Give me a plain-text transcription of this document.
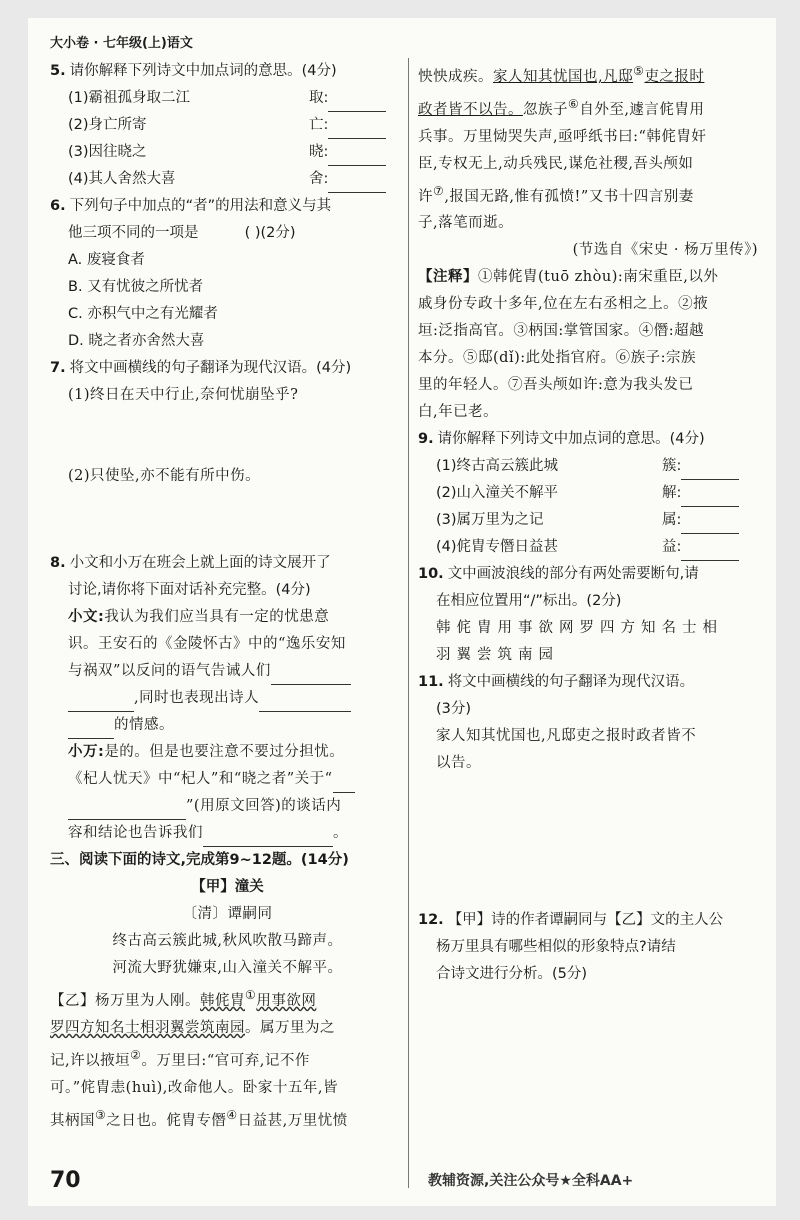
大小卷 · 七年级(上)语文
5. 请你解释下列诗文中加点词的意思。(4分)
(1)霸祖孤身取二江	取:
(2)身亡所寄	亡:
(3)因往晓之	晓:
(4)其人舍然大喜	舍:
6. 下列句子中加点的“者”的用法和意义与其
他三项不同的一项是	( )(2分)
A. 废寝食者
B. 又有忧彼之所忧者
C. 亦积气中之有光耀者
D. 晓之者亦舍然大喜
7. 将文中画横线的句子翻译为现代汉语。(4分)
(1)终日在天中行止,奈何忧崩坠乎?
(2)只使坠,亦不能有所中伤。
8. 小文和小万在班会上就上面的诗文展开了
讨论,请你将下面对话补充完整。(4分)
小文:我认为我们应当具有一定的忧患意
识。王安石的《金陵怀古》中的“逸乐安知
与祸双”以反问的语气告诫人们
,同时也表现出诗人
的情感。
小万:是的。但是也要注意不要过分担忧。
《杞人忧天》中“杞人”和“晓之者”关于“
”(用原文回答)的谈话内
容和结论也告诉我们	。
三、阅读下面的诗文,完成第9~12题。(14分)
【甲】潼关
〔清〕谭嗣同
终古高云簇此城,秋风吹散马蹄声。
河流大野犹嫌束,山入潼关不解平。
【乙】杨万里为人刚。韩侂胄①用事欲网
罗四方知名士相羽翼尝筑南园。属万里为之
记,许以掖垣②。万里曰:“官可弃,记不作
可。”侂胄恚(huì),改命他人。卧家十五年,皆
其柄国③之日也。侂胄专僭④日益甚,万里忧愤
怏怏成疾。家人知其忧国也,凡邸⑤吏之报时
政者皆不以告。忽族子⑥自外至,遽言侂胄用
兵事。万里恸哭失声,亟呼纸书曰:“韩侂胄奸
臣,专权无上,动兵残民,谋危社稷,吾头颅如
许⑦,报国无路,惟有孤愤!”又书十四言别妻
子,落笔而逝。
(节选自《宋史 · 杨万里传》)
【注释】①韩侂胄(tuō zhòu):南宋重臣,以外
戚身份专政十多年,位在左右丞相之上。②掖
垣:泛指高官。③柄国:掌管国家。④僭:超越
本分。⑤邸(dǐ):此处指官府。⑥族子:宗族
里的年轻人。⑦吾头颅如许:意为我头发已
白,年已老。
9. 请你解释下列诗文中加点词的意思。(4分)
(1)终古高云簇此城	簇:
(2)山入潼关不解平	解:
(3)属万里为之记	属:
(4)侂胄专僭日益甚	益:
10. 文中画波浪线的部分有两处需要断句,请
在相应位置用“/”标出。(2分)
韩侂胄用事欲网罗四方知名士相
羽翼尝筑南园
11. 将文中画横线的句子翻译为现代汉语。
(3分)
家人知其忧国也,凡邸吏之报时政者皆不
以告。
12. 【甲】诗的作者谭嗣同与【乙】文的主人公
杨万里具有哪些相似的形象特点?请结
合诗文进行分析。(5分)
70	教辅资源,关注公众号★全科AA+
